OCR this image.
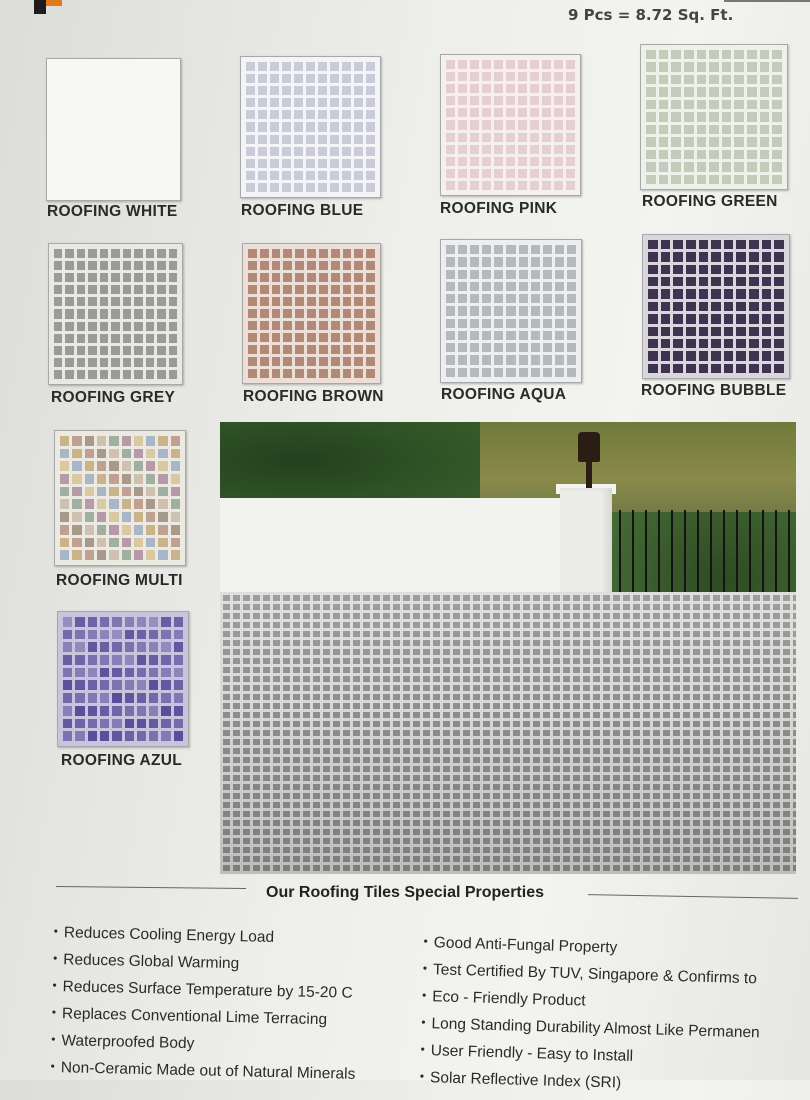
9 Pcs = 8.72 Sq. Ft.
ROOFING WHITE	ROOFING BLUE	ROOFING PINK	ROOFING GREEN
ROOFING GREY	ROOFING BROWN	ROOFING AQUA	ROOFING BUBBLE
ROOFING MULTI
ROOFING AZUL
Our Roofing Tiles Special Properties
• Reduces Cooling Energy Load
• Reduces Global Warming
• Reduces Surface Temperature by 15-20 C
• Replaces Conventional Lime Terracing
• Waterproofed Body
• Non-Ceramic Made out of Natural Minerals
• Good Anti-Fungal Property
• Test Certified By TUV, Singapore & Confirms to
• Eco - Friendly Product
• Long Standing Durability Almost Like Permanen
• User Friendly - Easy to Install
• Solar Reflective Index (SRI)
